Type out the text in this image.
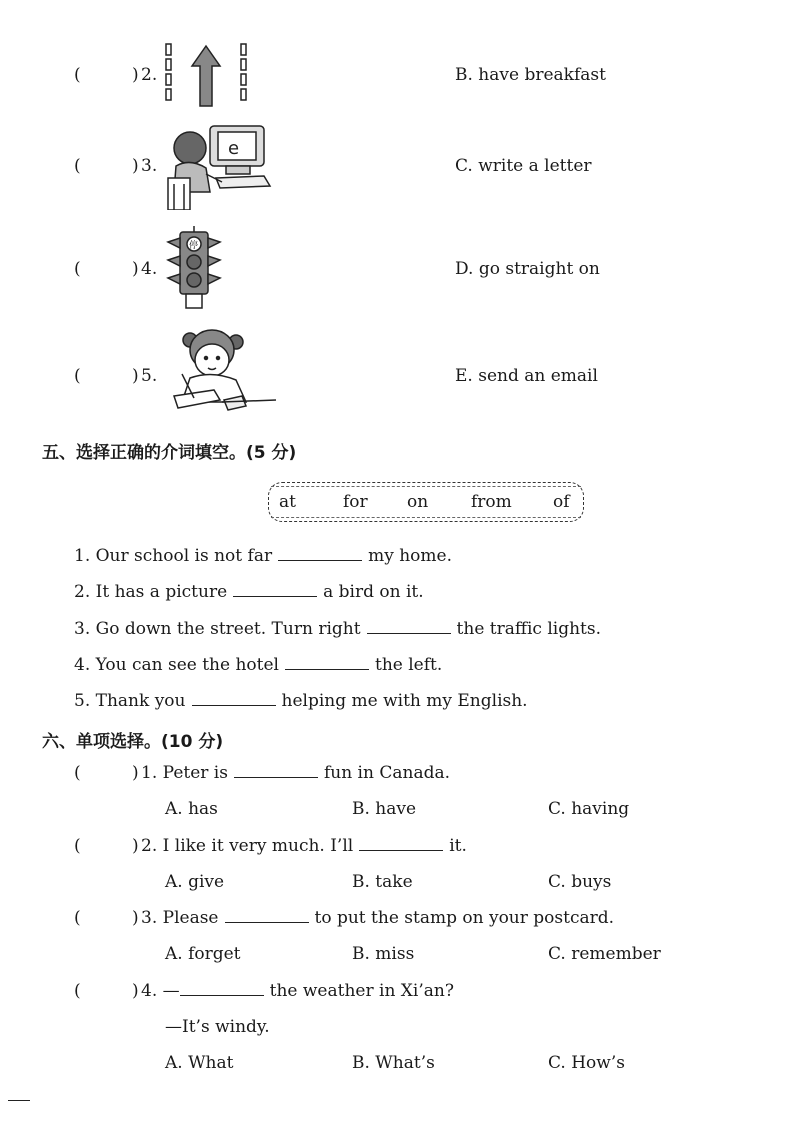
(	) 2.	B. have breakfast
(	) 3.
e
C. write a letter
(	) 4.
停
D. go straight on
(	) 5.	E. send an email
五、选择正确的介词填空。(5 分)
at	for on	from of
1. Our school is not far	my home.
2. It has a picture	a bird on it.
3. Go down the street. Turn right	the traffic lights.
4. You can see the hotel	the left.
5. Thank you	helping me with my English.
六、单项选择。(10 分)
(	) 1. Peter is	fun in Canada.
A. has	B. have	C. having
(	) 2. I like it very much. I’ll	it.
A. give	B. take	C. buys
(	) 3. Please	to put the stamp on your postcard.
A. forget	B. miss	C. remember
(	) 4. —	the weather in Xi’an?
—It’s windy.
A. What	B. What’s	C. How’s
